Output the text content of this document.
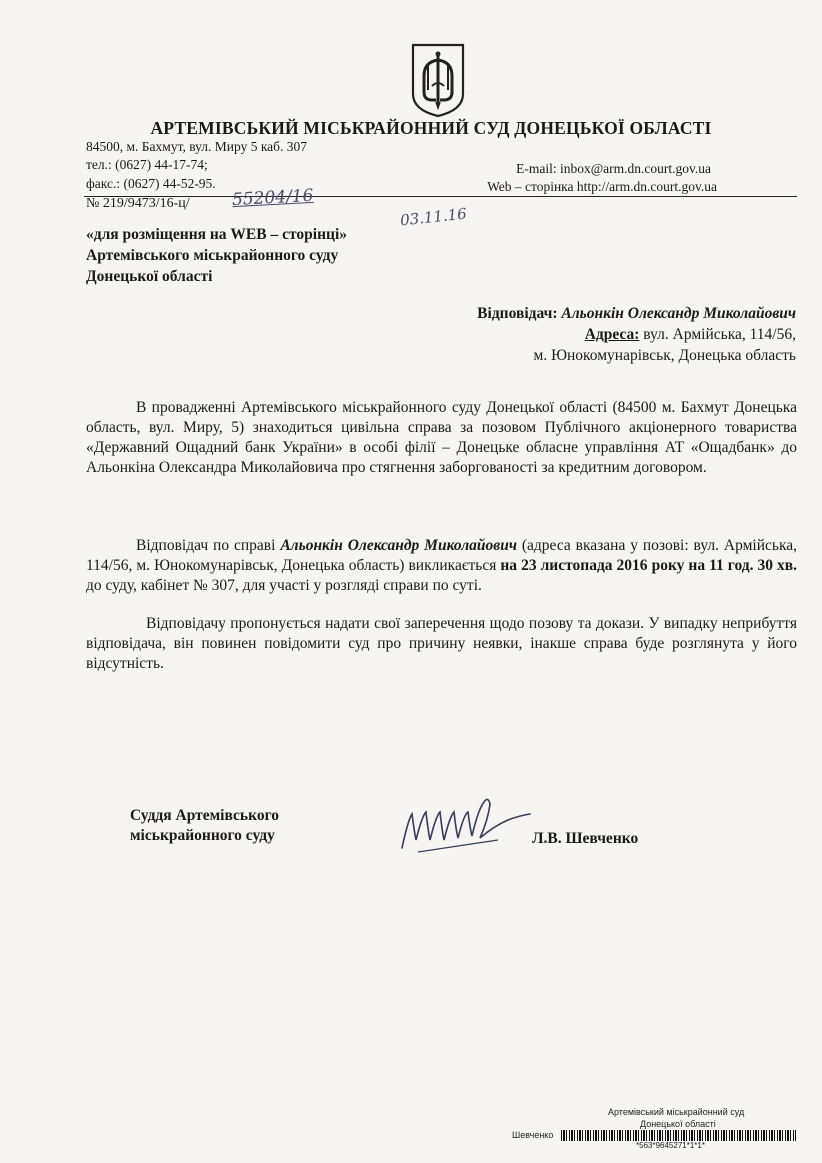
АРТЕМІВСЬКИЙ МІСЬКРАЙОННИЙ СУД ДОНЕЦЬКОЇ ОБЛАСТІ
84500, м. Бахмут, вул. Миру 5 каб. 307
тел.: (0627) 44-17-74;
факс.: (0627) 44-52-95.
E-mail: inbox@arm.dn.court.gov.ua
Web – сторінка http://arm.dn.court.gov.ua
№ 219/9473/16-ц/ 55204/16
03.11.16
«для розміщення на WEB – сторінці»
Артемівського міськрайонного суду
Донецької області
Відповідач: Альонкін Олександр Миколайович
Адреса: вул. Армійська, 114/56,
м. Юнокомунарівськ, Донецька область
В провадженні Артемівського міськрайонного суду Донецької області (84500 м. Бахмут Донецька область, вул. Миру, 5) знаходиться цивільна справа за позовом Публічного акціонерного товариства «Державний Ощадний банк України» в особі філії – Донецьке обласне управління АТ «Ощадбанк» до Альонкіна Олександра Миколайовича про стягнення заборгованості за кредитним договором.
Відповідач по справі Альонкін Олександр Миколайович (адреса вказана у позові: вул. Армійська, 114/56, м. Юнокомунарівськ, Донецька область) викликається на 23 листопада 2016 року на 11 год. 30 хв. до суду, кабінет № 307, для участі у розгляді справи по суті.
Відповідачу пропонується надати свої заперечення щодо позову та докази. У випадку неприбуття відповідача, він повинен повідомити суд про причину неявки, інакше справа буде розглянута у його відсутність.
Суддя Артемівського
міськрайонного суду	Л.В. Шевченко
Артемівський міськрайонний суд
Донецької області
Шевченко
*563*9645271*1*1*
